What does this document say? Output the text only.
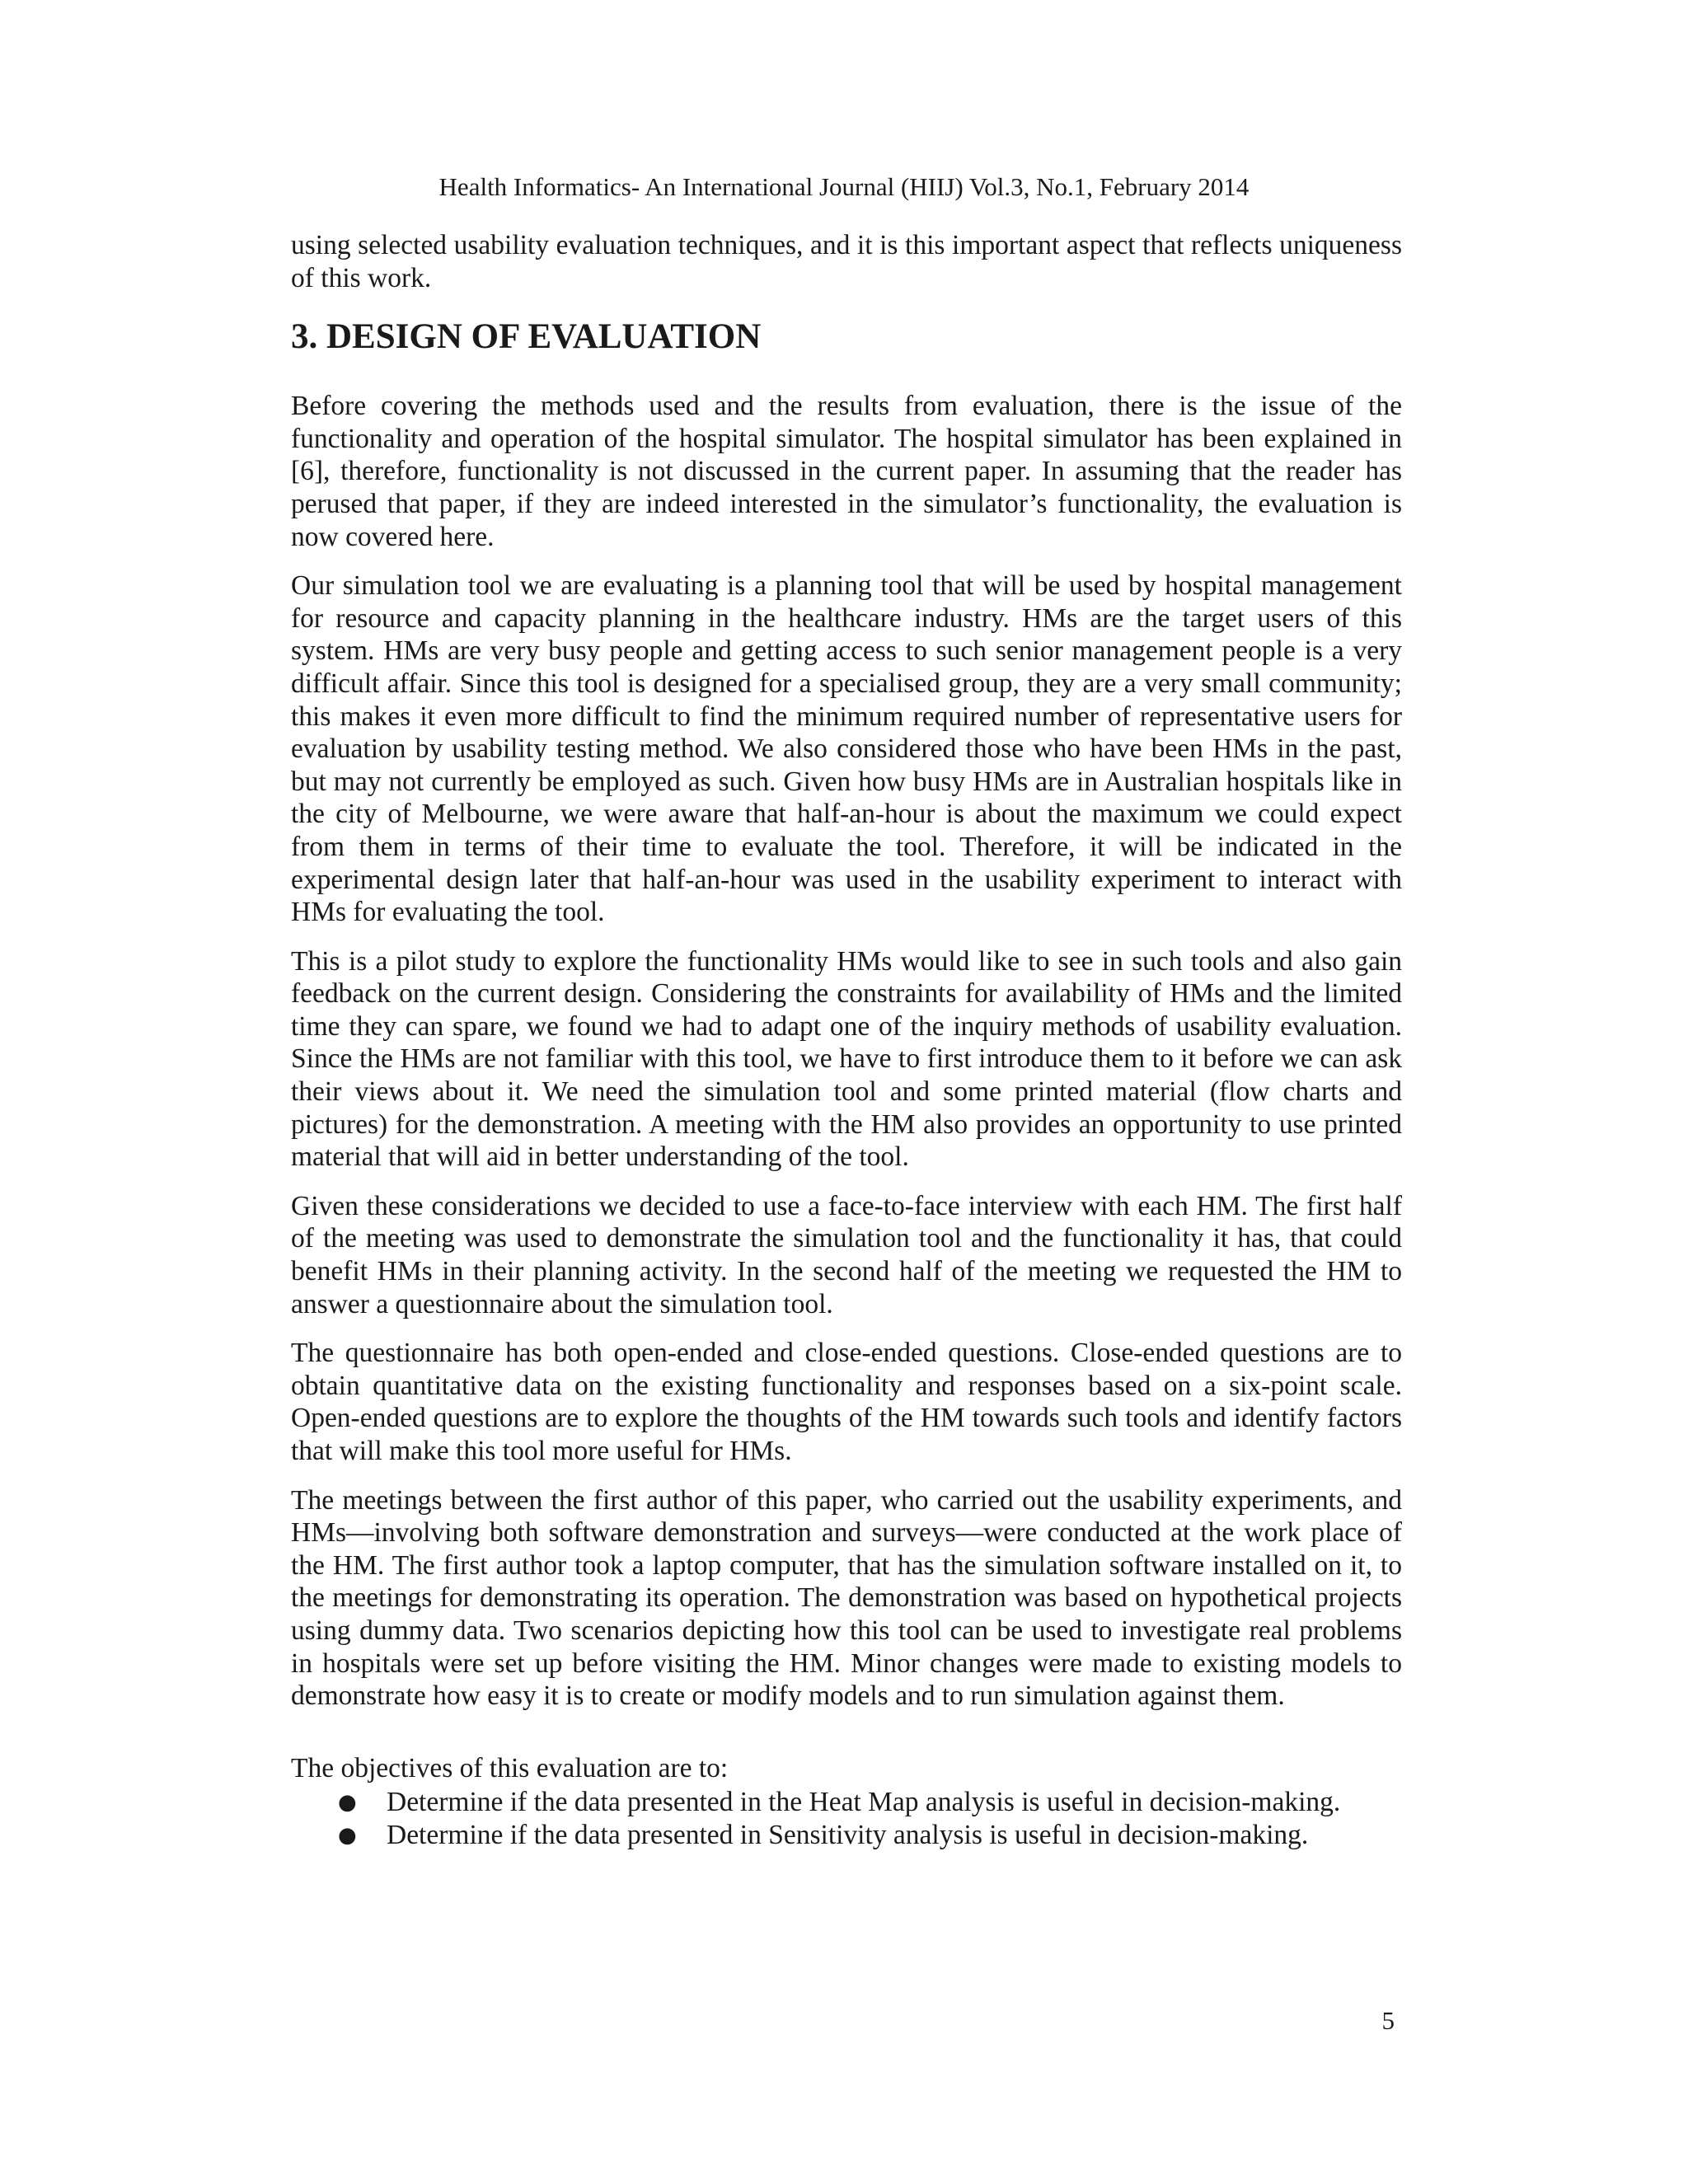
Health Informatics- An International Journal (HIIJ) Vol.3, No.1, February 2014

using selected usability evaluation techniques, and it is this important aspect that reflects uniqueness of this work.

3. DESIGN OF EVALUATION

Before covering the methods used and the results from evaluation, there is the issue of the functionality and operation of the hospital simulator. The hospital simulator has been explained in [6], therefore, functionality is not discussed in the current paper. In assuming that the reader has perused that paper, if they are indeed interested in the simulator’s functionality, the evaluation is now covered here.

Our simulation tool we are evaluating is a planning tool that will be used by hospital management for resource and capacity planning in the healthcare industry. HMs are the target users of this system. HMs are very busy people and getting access to such senior management people is a very difficult affair. Since this tool is designed for a specialised group, they are a very small community; this makes it even more difficult to find the minimum required number of representative users for evaluation by usability testing method. We also considered those who have been HMs in the past, but may not currently be employed as such. Given how busy HMs are in Australian hospitals like in the city of Melbourne, we were aware that half-an-hour is about the maximum we could expect from them in terms of their time to evaluate the tool. Therefore, it will be indicated in the experimental design later that half-an-hour was used in the usability experiment to interact with HMs for evaluating the tool.

This is a pilot study to explore the functionality HMs would like to see in such tools and also gain feedback on the current design. Considering the constraints for availability of HMs and the limited time they can spare, we found we had to adapt one of the inquiry methods of usability evaluation. Since the HMs are not familiar with this tool, we have to first introduce them to it before we can ask their views about it. We need the simulation tool and some printed material (flow charts and pictures) for the demonstration. A meeting with the HM also provides an opportunity to use printed material that will aid in better understanding of the tool.

Given these considerations we decided to use a face-to-face interview with each HM. The first half of the meeting was used to demonstrate the simulation tool and the functionality it has, that could benefit HMs in their planning activity. In the second half of the meeting we requested the HM to answer a questionnaire about the simulation tool.

The questionnaire has both open-ended and close-ended questions. Close-ended questions are to obtain quantitative data on the existing functionality and responses based on a six-point scale. Open-ended questions are to explore the thoughts of the HM towards such tools and identify factors that will make this tool more useful for HMs.

The meetings between the first author of this paper, who carried out the usability experiments, and HMs—involving both software demonstration and surveys—were conducted at the work place of the HM. The first author took a laptop computer, that has the simulation software installed on it, to the meetings for demonstrating its operation. The demonstration was based on hypothetical projects using dummy data. Two scenarios depicting how this tool can be used to investigate real problems in hospitals were set up before visiting the HM. Minor changes were made to existing models to demonstrate how easy it is to create or modify models and to run simulation against them.

The objectives of this evaluation are to:

● Determine if the data presented in the Heat Map analysis is useful in decision-making.
● Determine if the data presented in Sensitivity analysis is useful in decision-making.
5
